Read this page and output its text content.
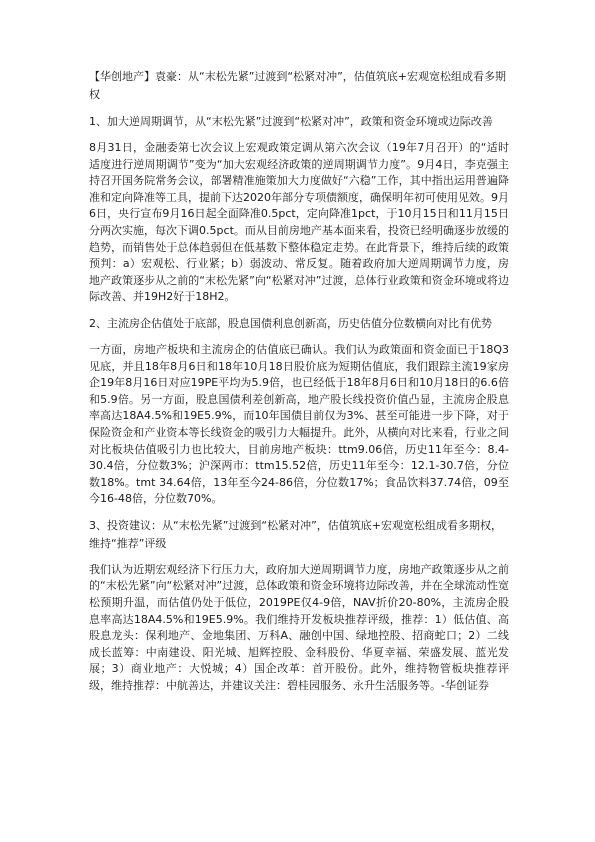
【华创地产】袁豪：从“末松先紧”过渡到“松紧对冲”，估值筑底+宏观宽松组成看多期权

1、加大逆周期调节，从“末松先紧”过渡到“松紧对冲”，政策和资金环境或边际改善

8月31日，金融委第七次会议上宏观政策定调从第六次会议（19年7月召开）的“适时适度进行逆周期调节”变为“加大宏观经济政策的逆周期调节力度”。9月4日，李克强主持召开国务院常务会议，部署精准施策加大力度做好“六稳”工作，其中指出运用普遍降准和定向降准等工具，提前下达2020年部分专项债额度，确保明年初可使用见效。9月6日，央行宣布9月16日起全面降准0.5pct，定向降准1pct，于10月15日和11月15日分两次实施，每次下调0.5pct。而从目前房地产基本面来看，投资已经明确逐步放缓的趋势，而销售处于总体趋弱但在低基数下整体稳定走势。在此背景下，维持后续的政策预判：a）宏观松、行业紧；b）弱波动、常反复。随着政府加大逆周期调节力度，房地产政策逐步从之前的“末松先紧”向“松紧对冲”过渡，总体行业政策和资金环境或将边际改善、并19H2好于18H2。

2、主流房企估值处于底部，股息国债利息创新高，历史估值分位数横向对比有优势

一方面，房地产板块和主流房企的估值底已确认。我们认为政策面和资金面已于18Q3见底，并且18年8月6日和18年10月18日股价底为短期估值底，我们跟踪主流19家房企19年8月16日对应19PE平均为5.9倍，也已经低于18年8月6日和10月18日的6.6倍和5.9倍。另一方面，股息国债利差创新高，地产股长线投资价值凸显，主流房企股息率高达18A4.5%和19E5.9%，而10年国债目前仅为3%、甚至可能进一步下降，对于保险资金和产业资本等长线资金的吸引力大幅提升。此外，从横向对比来看，行业之间对比板块估值吸引力也比较大，目前房地产板块：ttm9.06倍，历史11年至今：8.4-30.4倍，分位数3%；沪深两市：ttm15.52倍，历史11年至今：12.1-30.7倍，分位数18%。tmt 34.64倍，13年至今24-86倍，分位数17%；食品饮料37.74倍，09至今16-48倍，分位数70%。

3、投资建议：从“末松先紧”过渡到“松紧对冲”，估值筑底+宏观宽松组成看多期权，维持“推荐”评级

我们认为近期宏观经济下行压力大，政府加大逆周期调节力度，房地产政策逐步从之前的“末松先紧”向“松紧对冲”过渡，总体政策和资金环境将边际改善，并在全球流动性宽松预期升温，而估值仍处于低位，2019PE仅4-9倍，NAV折价20-80%，主流房企股息率高达18A4.5%和19E5.9%。我们维持开发板块推荐评级，推荐：1）低估值、高股息龙头：保利地产、金地集团、万科A、融创中国、绿地控股、招商蛇口；2）二线成长蓝筹：中南建设、阳光城、旭辉控股、金科股份、华夏幸福、荣盛发展、蓝光发展；3）商业地产：大悦城；4）国企改革：首开股份。此外，维持物管板块推荐评级，维持推荐：中航善达，并建议关注：碧桂园服务、永升生活服务等。-华创证券
